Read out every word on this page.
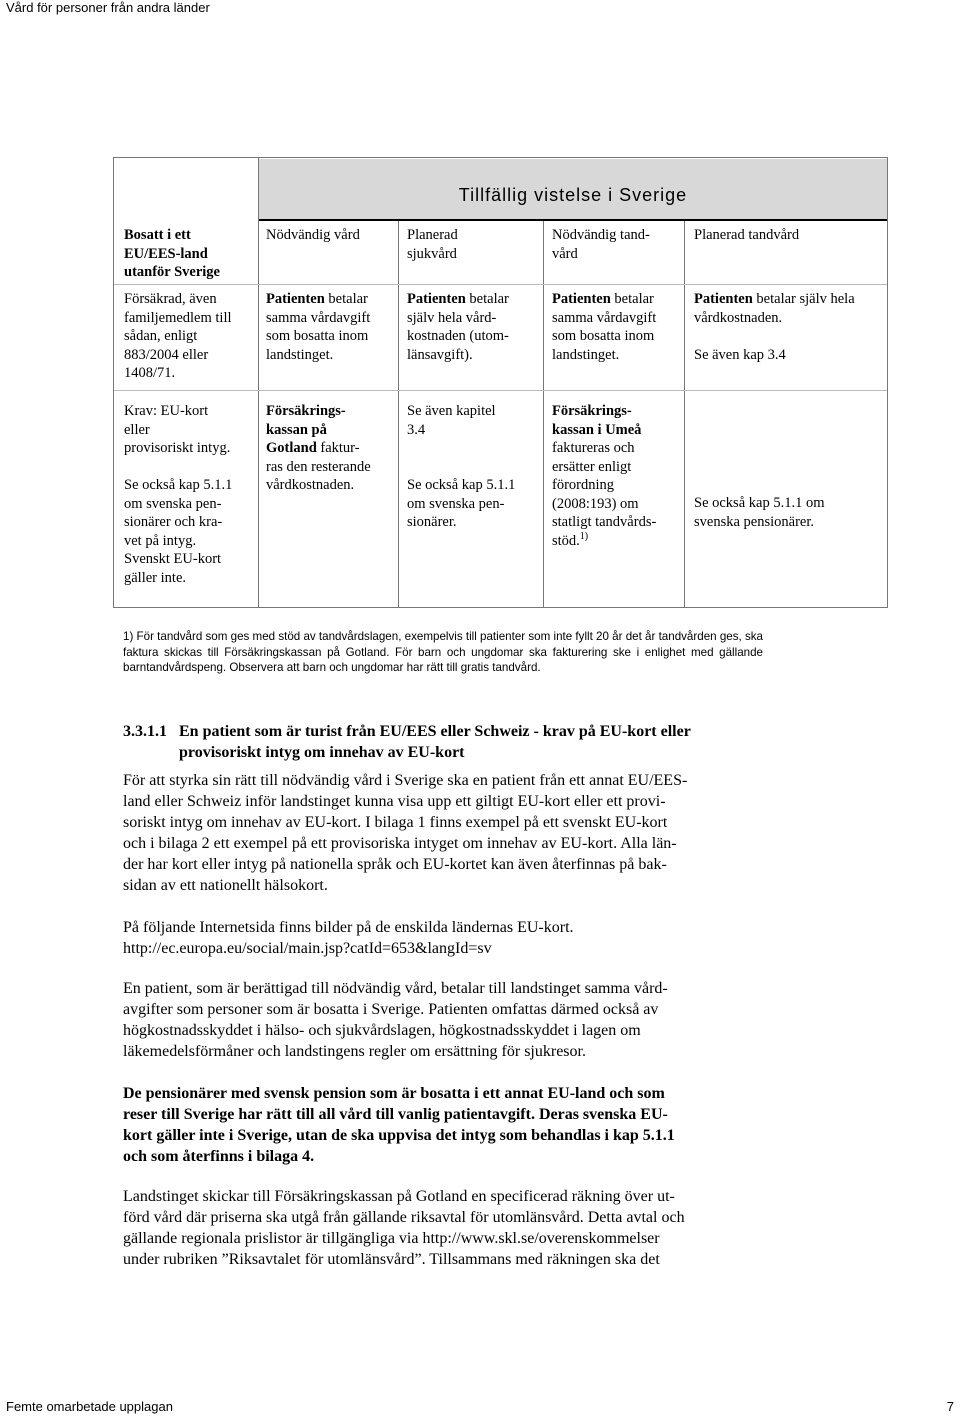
Vård för personer från andra länder
Femte omarbetade upplagan	7
Tillfällig vistelse i Sverige
Bosatt i ett
EU/EES-land
utanför Sverige
Nödvändig vård	Planerad
sjukvård
Nödvändig tand-
vård
Planerad tandvård
Försäkrad, även
familjemedlem till
sådan, enligt
883/2004 eller
1408/71.
Patienten betalar
samma vårdavgift
som bosatta inom
landstinget.
Patienten betalar
själv hela vård-
kostnaden (utom-
länsavgift).
Patienten betalar
samma vårdavgift
som bosatta inom
landstinget.
Patienten betalar själv hela
vårdkostnaden.
Se även kap 3.4
Krav: EU-kort
eller
provisoriskt intyg.
Se också kap 5.1.1
om svenska pen-
sionärer och kra-
vet på intyg.
Svenskt EU-kort
gäller inte.
Försäkrings-
kassan på
Gotland faktur-
ras den resterande
vårdkostnaden.
Se även kapitel
3.4
Se också kap 5.1.1
om svenska pen-
sionärer.
Försäkrings-
kassan i Umeå
faktureras och
ersätter enligt
förordning
(2008:193) om
statligt tandvårds-
stöd.$^{1)}$
Se också kap 5.1.1 om
svenska pensionärer.
1) För tandvård som ges med stöd av tandvårdslagen, exempelvis till patienter som inte fyllt 20 år det år tandvården ges, ska faktura skickas till Försäkringskassan på Gotland. För barn och ungdomar ska fakturering ske i enlighet med gällande barntandvårdspeng. Observera att barn och ungdomar har rätt till gratis tandvård.
3.3.1.1 En patient som är turist från EU/EES eller Schweiz - krav på EU-kort eller
provisoriskt intyg om innehav av EU-kort
För att styrka sin rätt till nödvändig vård i Sverige ska en patient från ett annat EU/EES-
land eller Schweiz inför landstinget kunna visa upp ett giltigt EU-kort eller ett provi-
soriskt intyg om innehav av EU-kort. I bilaga 1 finns exempel på ett svenskt EU-kort
och i bilaga 2 ett exempel på ett provisoriska intyget om innehav av EU-kort. Alla län-
der har kort eller intyg på nationella språk och EU-kortet kan även återfinnas på bak-
sidan av ett nationellt hälsokort.
På följande Internetsida finns bilder på de enskilda ländernas EU-kort.
http://ec.europa.eu/social/main.jsp?catId=653&langId=sv
En patient, som är berättigad till nödvändig vård, betalar till landstinget samma vård-
avgifter som personer som är bosatta i Sverige. Patienten omfattas därmed också av
högkostnadsskyddet i hälso- och sjukvårdslagen, högkostnadsskyddet i lagen om
läkemedelsförmåner och landstingens regler om ersättning för sjukresor.
De pensionärer med svensk pension som är bosatta i ett annat EU-land och som
reser till Sverige har rätt till all vård till vanlig patientavgift. Deras svenska EU-
kort gäller inte i Sverige, utan de ska uppvisa det intyg som behandlas i kap 5.1.1
och som återfinns i bilaga 4.
Landstinget skickar till Försäkringskassan på Gotland en specificerad räkning över ut-
förd vård där priserna ska utgå från gällande riksavtal för utomlänsvård. Detta avtal och
gällande regionala prislistor är tillgängliga via http://www.skl.se/overenskommelser
under rubriken ”Riksavtalet för utomlänsvård”. Tillsammans med räkningen ska det
